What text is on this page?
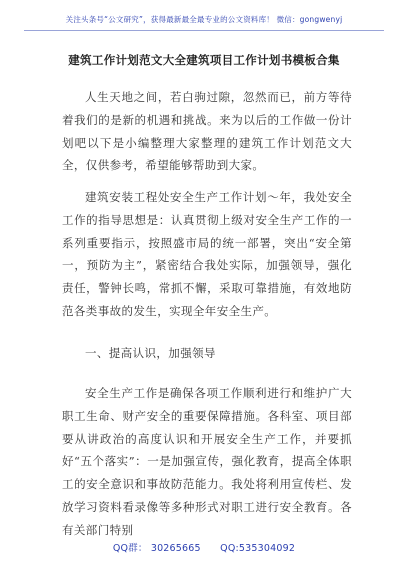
关注头条号“公文研究”，获得最新最全最专业的公文资料库！ 微信：gongwenyj
建筑工作计划范文大全建筑项目工作计划书模板合集
人生天地之间，若白驹过隙，忽然而已，前方等待着我们的是新的机遇和挑战。来为以后的工作做一份计划吧以下是小编整理大家整理的建筑工作计划范文大全，仅供参考，希望能够帮助到大家。
建筑安装工程处安全生产工作计划～年，我处安全工作的指导思想是：认真贯彻上级对安全生产工作的一系列重要指示，按照盛市局的统一部署，突出“安全第一，预防为主”，紧密结合我处实际，加强领导，强化责任，警钟长鸣，常抓不懈，采取可靠措施，有效地防范各类事故的发生，实现全年安全生产。
一、提高认识，加强领导
安全生产工作是确保各项工作顺利进行和维护广大职工生命、财产安全的重要保障措施。各科室、项目部要从讲政治的高度认识和开展安全生产工作，并要抓好“五个落实”：一是加强宣传，强化教育，提高全体职工的安全意识和事故防范能力。我处将利用宣传栏、发放学习资料看录像等多种形式对职工进行安全教育。各有关部门特别
QQ群： 30265665　　QQ:535304092
